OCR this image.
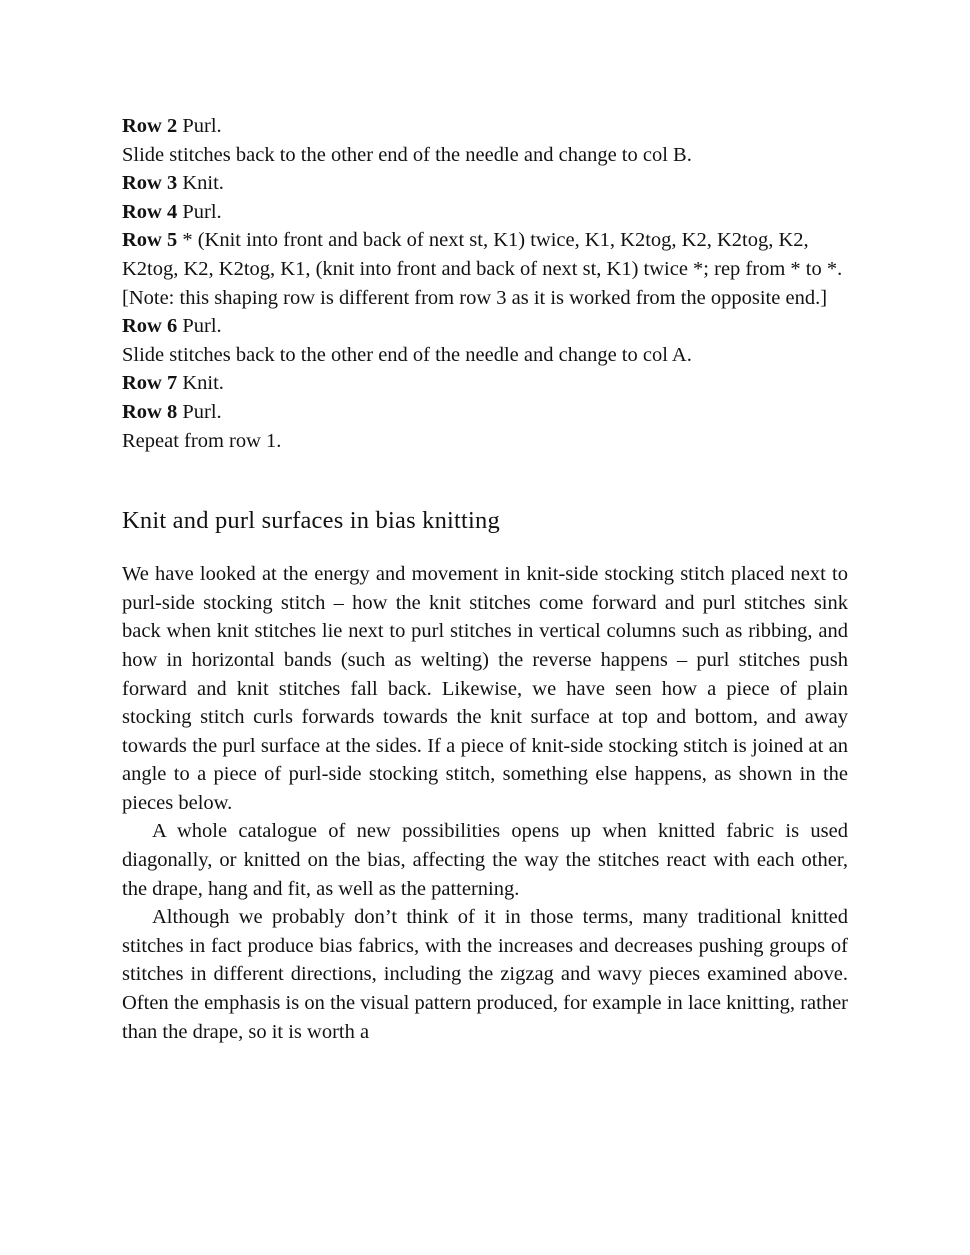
Row 2 Purl.
Slide stitches back to the other end of the needle and change to col B.
Row 3 Knit.
Row 4 Purl.
Row 5 * (Knit into front and back of next st, K1) twice, K1, K2tog, K2, K2tog, K2, K2tog, K2, K2tog, K1, (knit into front and back of next st, K1) twice *; rep from * to *.
[Note: this shaping row is different from row 3 as it is worked from the opposite end.]
Row 6 Purl.
Slide stitches back to the other end of the needle and change to col A.
Row 7 Knit.
Row 8 Purl.
Repeat from row 1.
Knit and purl surfaces in bias knitting

We have looked at the energy and movement in knit-side stocking stitch placed next to purl-side stocking stitch – how the knit stitches come forward and purl stitches sink back when knit stitches lie next to purl stitches in vertical columns such as ribbing, and how in horizontal bands (such as welting) the reverse happens – purl stitches push forward and knit stitches fall back. Likewise, we have seen how a piece of plain stocking stitch curls forwards towards the knit surface at top and bottom, and away towards the purl surface at the sides. If a piece of knit-side stocking stitch is joined at an angle to a piece of purl-side stocking stitch, something else happens, as shown in the pieces below.

A whole catalogue of new possibilities opens up when knitted fabric is used diagonally, or knitted on the bias, affecting the way the stitches react with each other, the drape, hang and fit, as well as the patterning.

Although we probably don’t think of it in those terms, many traditional knitted stitches in fact produce bias fabrics, with the increases and decreases pushing groups of stitches in different directions, including the zigzag and wavy pieces examined above. Often the emphasis is on the visual pattern produced, for example in lace knitting, rather than the drape, so it is worth a
